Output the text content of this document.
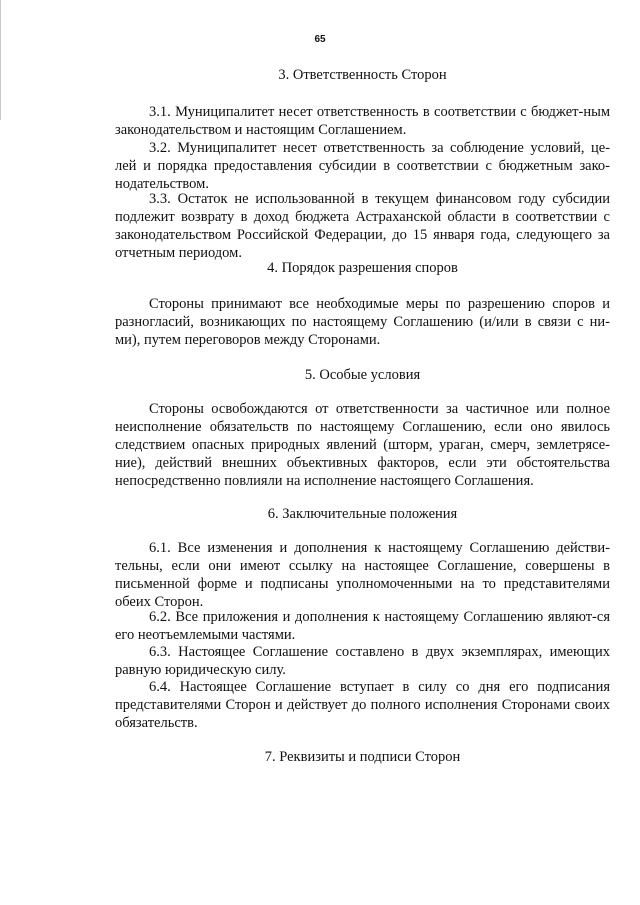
65
3. Ответственность Сторон

3.1. Муниципалитет несет ответственность в соответствии с бюджет-ным законодательством и настоящим Соглашением.

3.2. Муниципалитет несет ответственность за соблюдение условий, це-лей и порядка предоставления субсидии в соответствии с бюджетным зако-нодательством.

3.3. Остаток не использованной в текущем финансовом году субсидии подлежит возврату в доход бюджета Астраханской области в соответствии с законодательством Российской Федерации, до 15 января года, следующего за отчетным периодом.

4. Порядок разрешения споров

Стороны принимают все необходимые меры по разрешению споров и разногласий, возникающих по настоящему Соглашению (и/или в связи с ни-ми), путем переговоров между Сторонами.

5. Особые условия

Стороны освобождаются от ответственности за частичное или полное неисполнение обязательств по настоящему Соглашению, если оно явилось следствием опасных природных явлений (шторм, ураган, смерч, землетрясе-ние), действий внешних объективных факторов, если эти обстоятельства непосредственно повлияли на исполнение настоящего Соглашения.

6. Заключительные положения

6.1. Все изменения и дополнения к настоящему Соглашению действи-тельны, если они имеют ссылку на настоящее Соглашение, совершены в письменной форме и подписаны уполномоченными на то представителями обеих Сторон.

6.2. Все приложения и дополнения к настоящему Соглашению являют-ся его неотъемлемыми частями.

6.3. Настоящее Соглашение составлено в двух экземплярах, имеющих равную юридическую силу.

6.4. Настоящее Соглашение вступает в силу со дня его подписания представителями Сторон и действует до полного исполнения Сторонами своих обязательств.

7. Реквизиты и подписи Сторон
